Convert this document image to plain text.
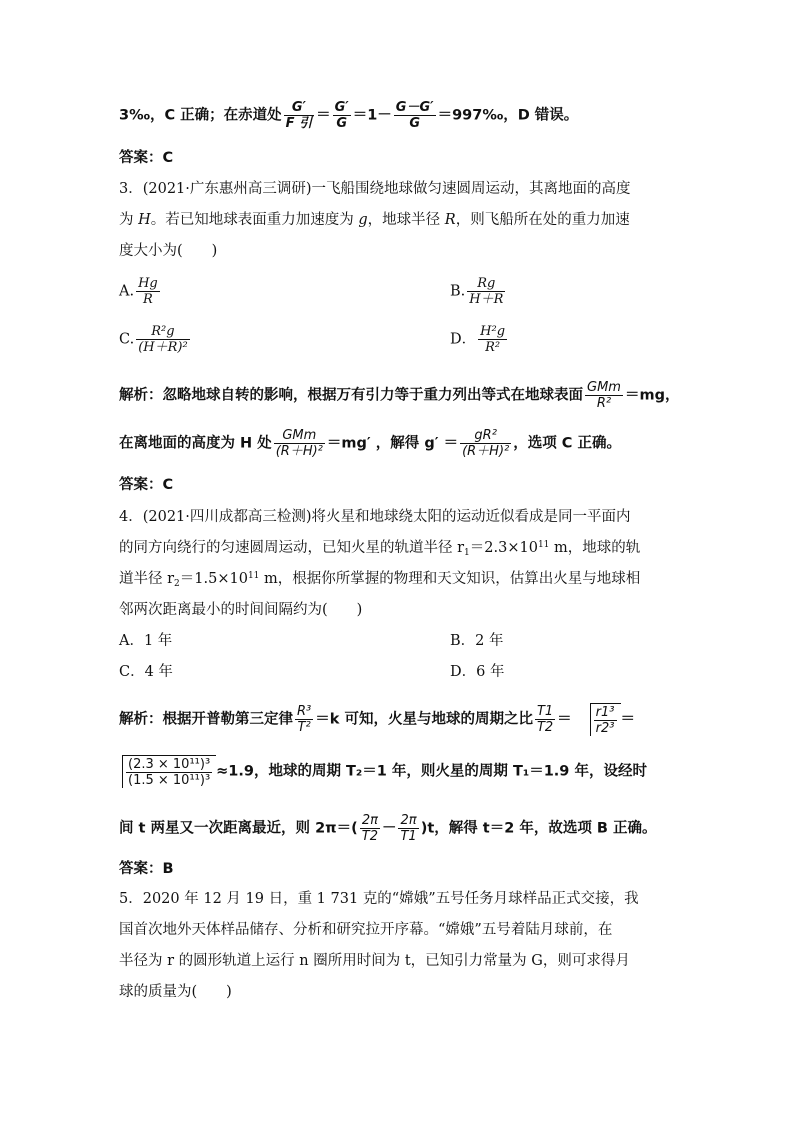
3‰，C 正确；在赤道处 $\frac{G'}{\text{F 引}} = \frac{G'}{G} =1- \frac{G-G'}{G}$ ＝997‰，D 错误。
答案：C
3．(2021·广东惠州高三调研)一飞船围绕地球做匀速圆周运动，其离地面的高度
为 H。若已知地球表面重力加速度为 g，地球半径 R，则飞船所在处的重力加速
度大小为(　　)
A. $\frac{Hg}{R}$	B. $\frac{Rg}{H+R}$
C. $\frac{\text{R²g}}{\text{(H＋R)²}}$	D． $\frac{\text{H²g}}{\text{R²}}$
解析：忽略地球自转的影响，根据万有引力等于重力列出等式在地球表面 $\frac{\text{GMm}}{\text{R²}} =mg$，
在离地面的高度为 H 处 $\frac{\text{GMm}}{\text{(R＋H)²}} =mg'$ ，解得 $g' = \frac{\text{gR²}}{\text{(R＋H)²}}$ ，选项 C 正确。
答案：C
4．(2021·四川成都高三检测)将火星和地球绕太阳的运动近似看成是同一平面内
的同方向绕行的匀速圆周运动，已知火星的轨道半径 $r_1=2.3\times 10^{11}$ m，地球的轨
道半径 $r_2=1.5\times 10^{11}$ m，根据你所掌握的物理和天文知识，估算出火星与地球相
邻两次距离最小的时间间隔约为(　　)
A．1 年	B．2 年
C．4 年	D．6 年
解析：根据开普勒第三定律 $\frac{\text{R³}}{\text{T²}} =k$ 可知，火星与地球的周期之比 $\frac{T1}{T2} = \frac{\text{r1³}}{\text{r2³}}$ ＝
$\frac{\text{(2.3 × 10¹¹)³}}{\text{(1.5 × 10¹¹)³}} \approx 1.9$，地球的周期 T₂＝1 年，则火星的周期 T₁＝1.9 年，设经时
间 t 两星又一次距离最近，则 $2\pi=( \frac{2\pi}{T2} - \frac{2\pi}{T1} )t$，解得 t＝2 年，故选项 B 正确。
答案：B
5．2020 年 12 月 19 日，重 1 731 克的“嫦娥”五号任务月球样品正式交接，我
国首次地外天体样品储存、分析和研究拉开序幕。“嫦娥”五号着陆月球前，在
半径为 r 的圆形轨道上运行 n 圈所用时间为 t，已知引力常量为 G，则可求得月
球的质量为(　　)
